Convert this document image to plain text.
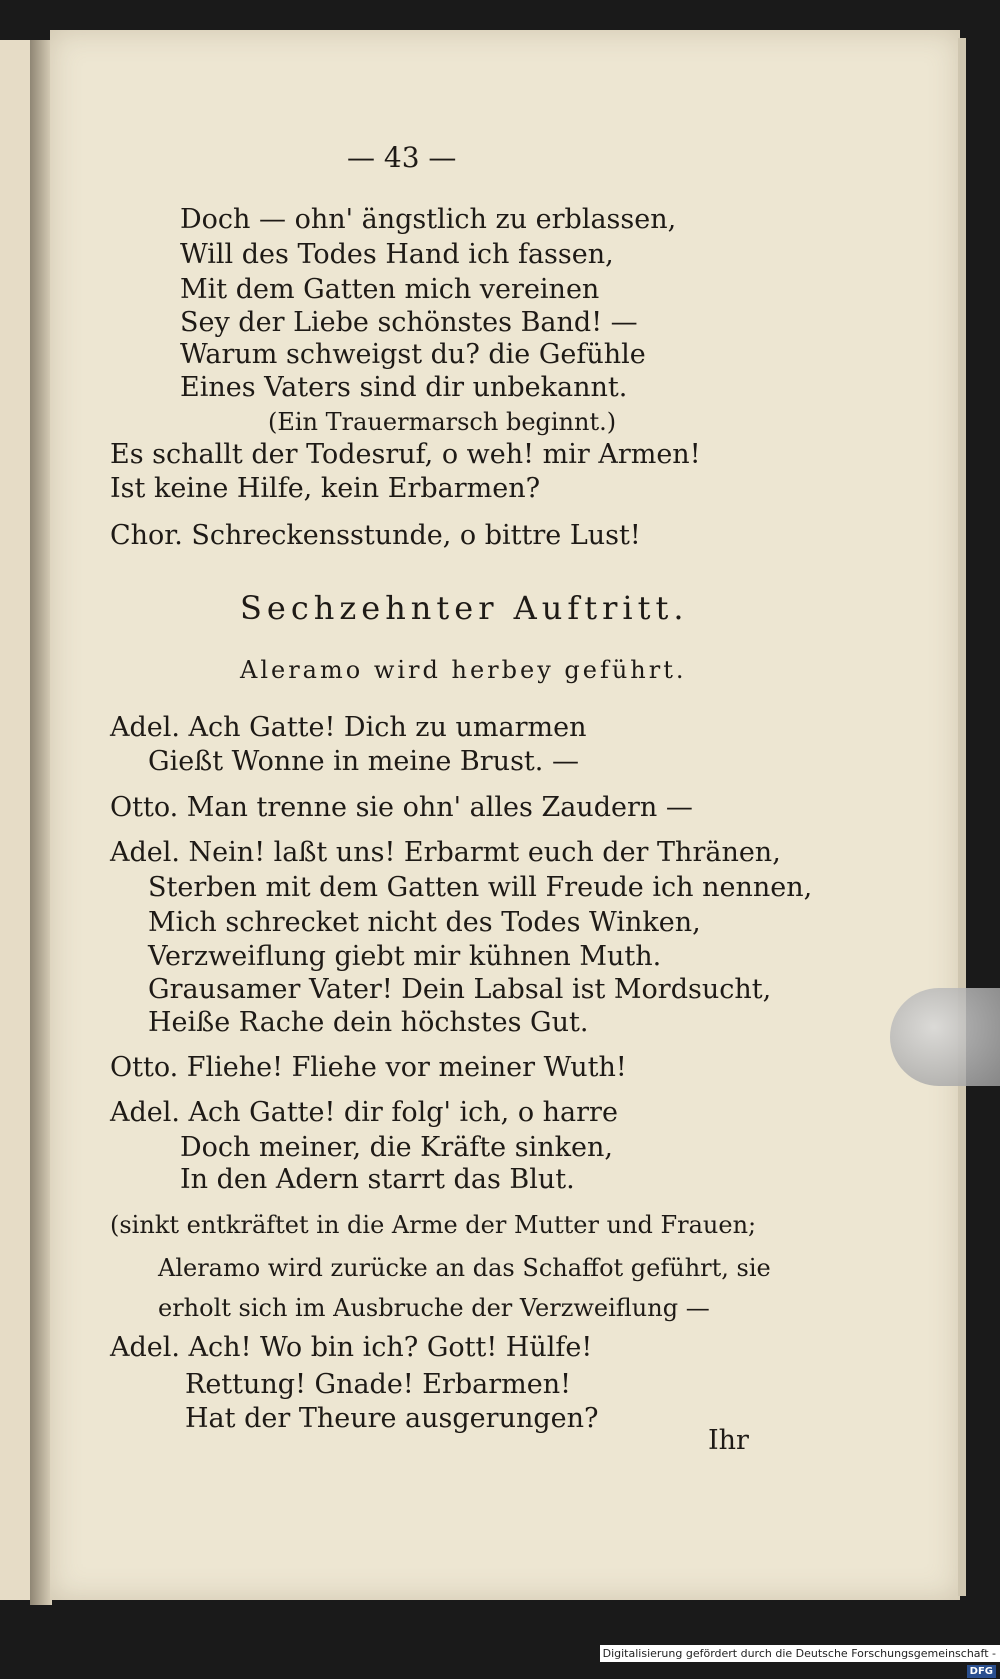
— 43 —
Doch — ohn' ängstlich zu erblassen,
Will des Todes Hand ich fassen,
Mit dem Gatten mich vereinen
Sey der Liebe schönstes Band! —
Warum schweigst du? die Gefühle
Eines Vaters sind dir unbekannt.
(Ein Trauermarsch beginnt.)
Es schallt der Todesruf, o weh! mir Armen!
Ist keine Hilfe, kein Erbarmen?
Chor. Schreckensstunde, o bittre Lust!
Sechzehnter Auftritt.
Aleramo wird herbey geführt.
Adel. Ach Gatte! Dich zu umarmen
Gießt Wonne in meine Brust. —
Otto. Man trenne sie ohn' alles Zaudern —
Adel. Nein! laßt uns! Erbarmt euch der Thränen,
Sterben mit dem Gatten will Freude ich nennen,
Mich schrecket nicht des Todes Winken,
Verzweiflung giebt mir kühnen Muth.
Grausamer Vater! Dein Labsal ist Mordsucht,
Heiße Rache dein höchstes Gut.
Otto. Fliehe! Fliehe vor meiner Wuth!
Adel. Ach Gatte! dir folg' ich, o harre
Doch meiner, die Kräfte sinken,
In den Adern starrt das Blut.
(sinkt entkräftet in die Arme der Mutter und Frauen;
Aleramo wird zurücke an das Schaffot geführt, sie
erholt sich im Ausbruche der Verzweiflung —
Adel. Ach! Wo bin ich? Gott! Hülfe!
Rettung! Gnade! Erbarmen!
Hat der Theure ausgerungen?
Ihr
Digitalisierung gefördert durch die Deutsche Forschungsgemeinschaft -DFG
